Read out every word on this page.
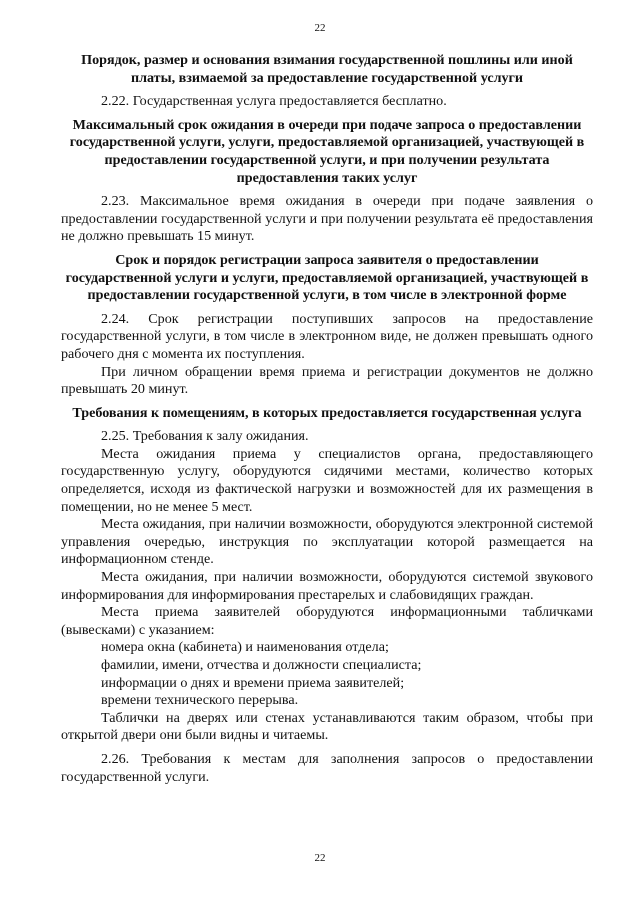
22
Порядок, размер и основания взимания государственной пошлины или иной платы, взимаемой за предоставление государственной услуги
2.22. Государственная услуга предоставляется бесплатно.
Максимальный срок ожидания в очереди при подаче запроса о предоставлении государственной услуги, услуги, предоставляемой организацией, участвующей в предоставлении государственной услуги, и при получении результата предоставления таких услуг
2.23. Максимальное время ожидания в очереди при подаче заявления о предоставлении государственной услуги и при получении результата её предоставления не должно превышать 15 минут.
Срок и порядок регистрации запроса заявителя о предоставлении государственной услуги и услуги, предоставляемой организацией, участвующей в предоставлении государственной услуги, в том числе в электронной форме
2.24. Срок регистрации поступивших запросов на предоставление государственной услуги, в том числе в электронном виде, не должен превышать одного рабочего дня с момента их поступления.
При личном обращении время приема и регистрации документов не должно превышать 20 минут.
Требования к помещениям, в которых предоставляется государственная услуга
2.25. Требования к залу ожидания.
Места ожидания приема у специалистов органа, предоставляющего государственную услугу, оборудуются сидячими местами, количество которых определяется, исходя из фактической нагрузки и возможностей для их размещения в помещении, но не менее 5 мест.
Места ожидания, при наличии возможности, оборудуются электронной системой управления очередью, инструкция по эксплуатации которой размещается на информационном стенде.
Места ожидания, при наличии возможности, оборудуются системой звукового информирования для информирования престарелых и слабовидящих граждан.
Места приема заявителей оборудуются информационными табличками (вывесками) с указанием:
номера окна (кабинета) и наименования отдела;
фамилии, имени, отчества и должности специалиста;
информации о днях и времени приема заявителей;
времени технического перерыва.
Таблички на дверях или стенах устанавливаются таким образом, чтобы при открытой двери они были видны и читаемы.
2.26. Требования к местам для заполнения запросов о предоставлении государственной услуги.
22
